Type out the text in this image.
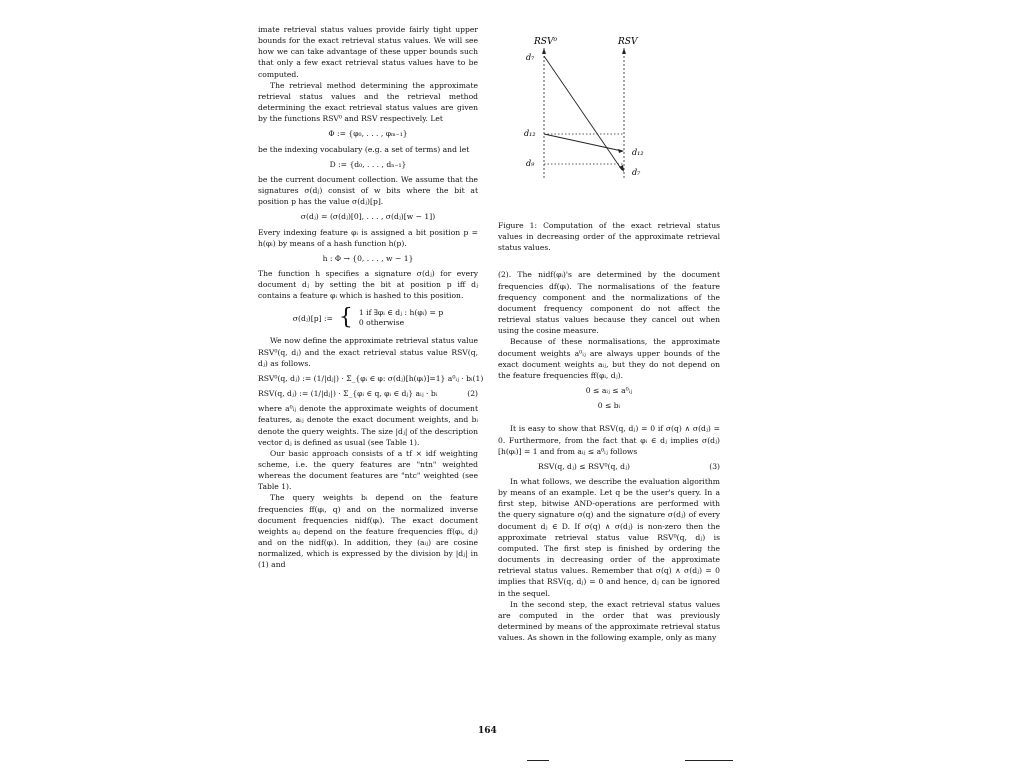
imate retrieval status values provide fairly tight upper bounds for the exact retrieval status values. We will see how we can take advantage of these upper bounds such that only a few exact retrieval status values have to be computed.

The retrieval method determining the approximate retrieval status values and the retrieval method determining the exact retrieval status values are given by the functions RSV⁰ and RSV respectively. Let

Φ := {φ₀, . . . , φₘ₋₁}

be the indexing vocabulary (e.g. a set of terms) and let

D := {d₀, . . . , dₙ₋₁}

be the current document collection. We assume that the signatures σ(dⱼ) consist of w bits where the bit at position p has the value σ(dⱼ)[p].

σ(dⱼ) = (σ(dⱼ)[0], . . . , σ(dⱼ)[w − 1])

Every indexing feature φᵢ is assigned a bit position p = h(φᵢ) by means of a hash function h(p).

h : Φ → {0, . . . , w − 1}

The function h specifies a signature σ(dⱼ) for every document dⱼ by setting the bit at position p iff dⱼ contains a feature φᵢ which is hashed to this position.

σ(dⱼ)[p] := { 1 if ∃φᵢ ∈ dⱼ : h(φᵢ) = p
0 otherwise

We now define the approximate retrieval status value RSV⁰(q, dⱼ) and the exact retrieval status value RSV(q, dⱼ) as follows.

RSV⁰(q, dⱼ) := (1/|dⱼ|) · Σ_{φᵢ ∈ φ: σ(dⱼ)[h(φᵢ)]=1} a⁰ᵢⱼ · bᵢ (1)
RSV(q, dⱼ) := (1/|dⱼ|) · Σ_{φᵢ ∈ q, φᵢ ∈ dⱼ} aᵢⱼ · bᵢ	(2)

where a⁰ᵢⱼ denote the approximate weights of document features, aᵢⱼ denote the exact document weights, and bᵢ denote the query weights. The size |dⱼ| of the description vector dⱼ is defined as usual (see Table 1).

Our basic approach consists of a tf × idf weighting scheme, i.e. the query features are "ntn" weighted whereas the document features are "ntc" weighted (see Table 1).

The query weights bᵢ depend on the feature frequencies ff(φᵢ, q) and on the normalized inverse document frequencies nidf(φᵢ). The exact document weights aᵢⱼ depend on the feature frequencies ff(φᵢ, dⱼ) and on the nidf(φᵢ). In addition, they (aᵢⱼ) are cosine normalized, which is expressed by the division by |dⱼ| in (1) and

RSV⁰	RSV
d₇
d₁₂
d₉
d₁₂
d₇

Figure 1: Computation of the exact retrieval status values in decreasing order of the approximate retrieval status values.

(2). The nidf(φᵢ)'s are determined by the document frequencies df(φᵢ). The normalisations of the feature frequency component and the normalizations of the document frequency component do not affect the retrieval status values because they cancel out when using the cosine measure.

Because of these normalisations, the approximate document weights a⁰ᵢⱼ are always upper bounds of the exact document weights aᵢⱼ, but they do not depend on the feature frequencies ff(φᵢ, dⱼ).

0 ≤ aᵢⱼ ≤ a⁰ᵢⱼ
0 ≤ bᵢ

It is easy to show that RSV(q, dⱼ) = 0 if σ(q) ∧ σ(dⱼ) = 0. Furthermore, from the fact that φᵢ ∈ dⱼ implies σ(dⱼ)[h(φᵢ)] = 1 and from aᵢⱼ ≤ a⁰ᵢⱼ follows

RSV(q, dⱼ) ≤ RSV⁰(q, dⱼ)	(3)

In what follows, we describe the evaluation algorithm by means of an example. Let q be the user's query. In a first step, bitwise AND-operations are performed with the query signature σ(q) and the signature σ(dⱼ) of every document dⱼ ∈ D. If σ(q) ∧ σ(dⱼ) is non-zero then the approximate retrieval status value RSV⁰(q, dⱼ) is computed. The first step is finished by ordering the documents in decreasing order of the approximate retrieval status values. Remember that σ(q) ∧ σ(dⱼ) = 0 implies that RSV(q, dⱼ) = 0 and hence, dⱼ can be ignored in the sequel.

In the second step, the exact retrieval status values are computed in the order that was previously determined by means of the approximate retrieval status values. As shown in the following example, only as many

164
